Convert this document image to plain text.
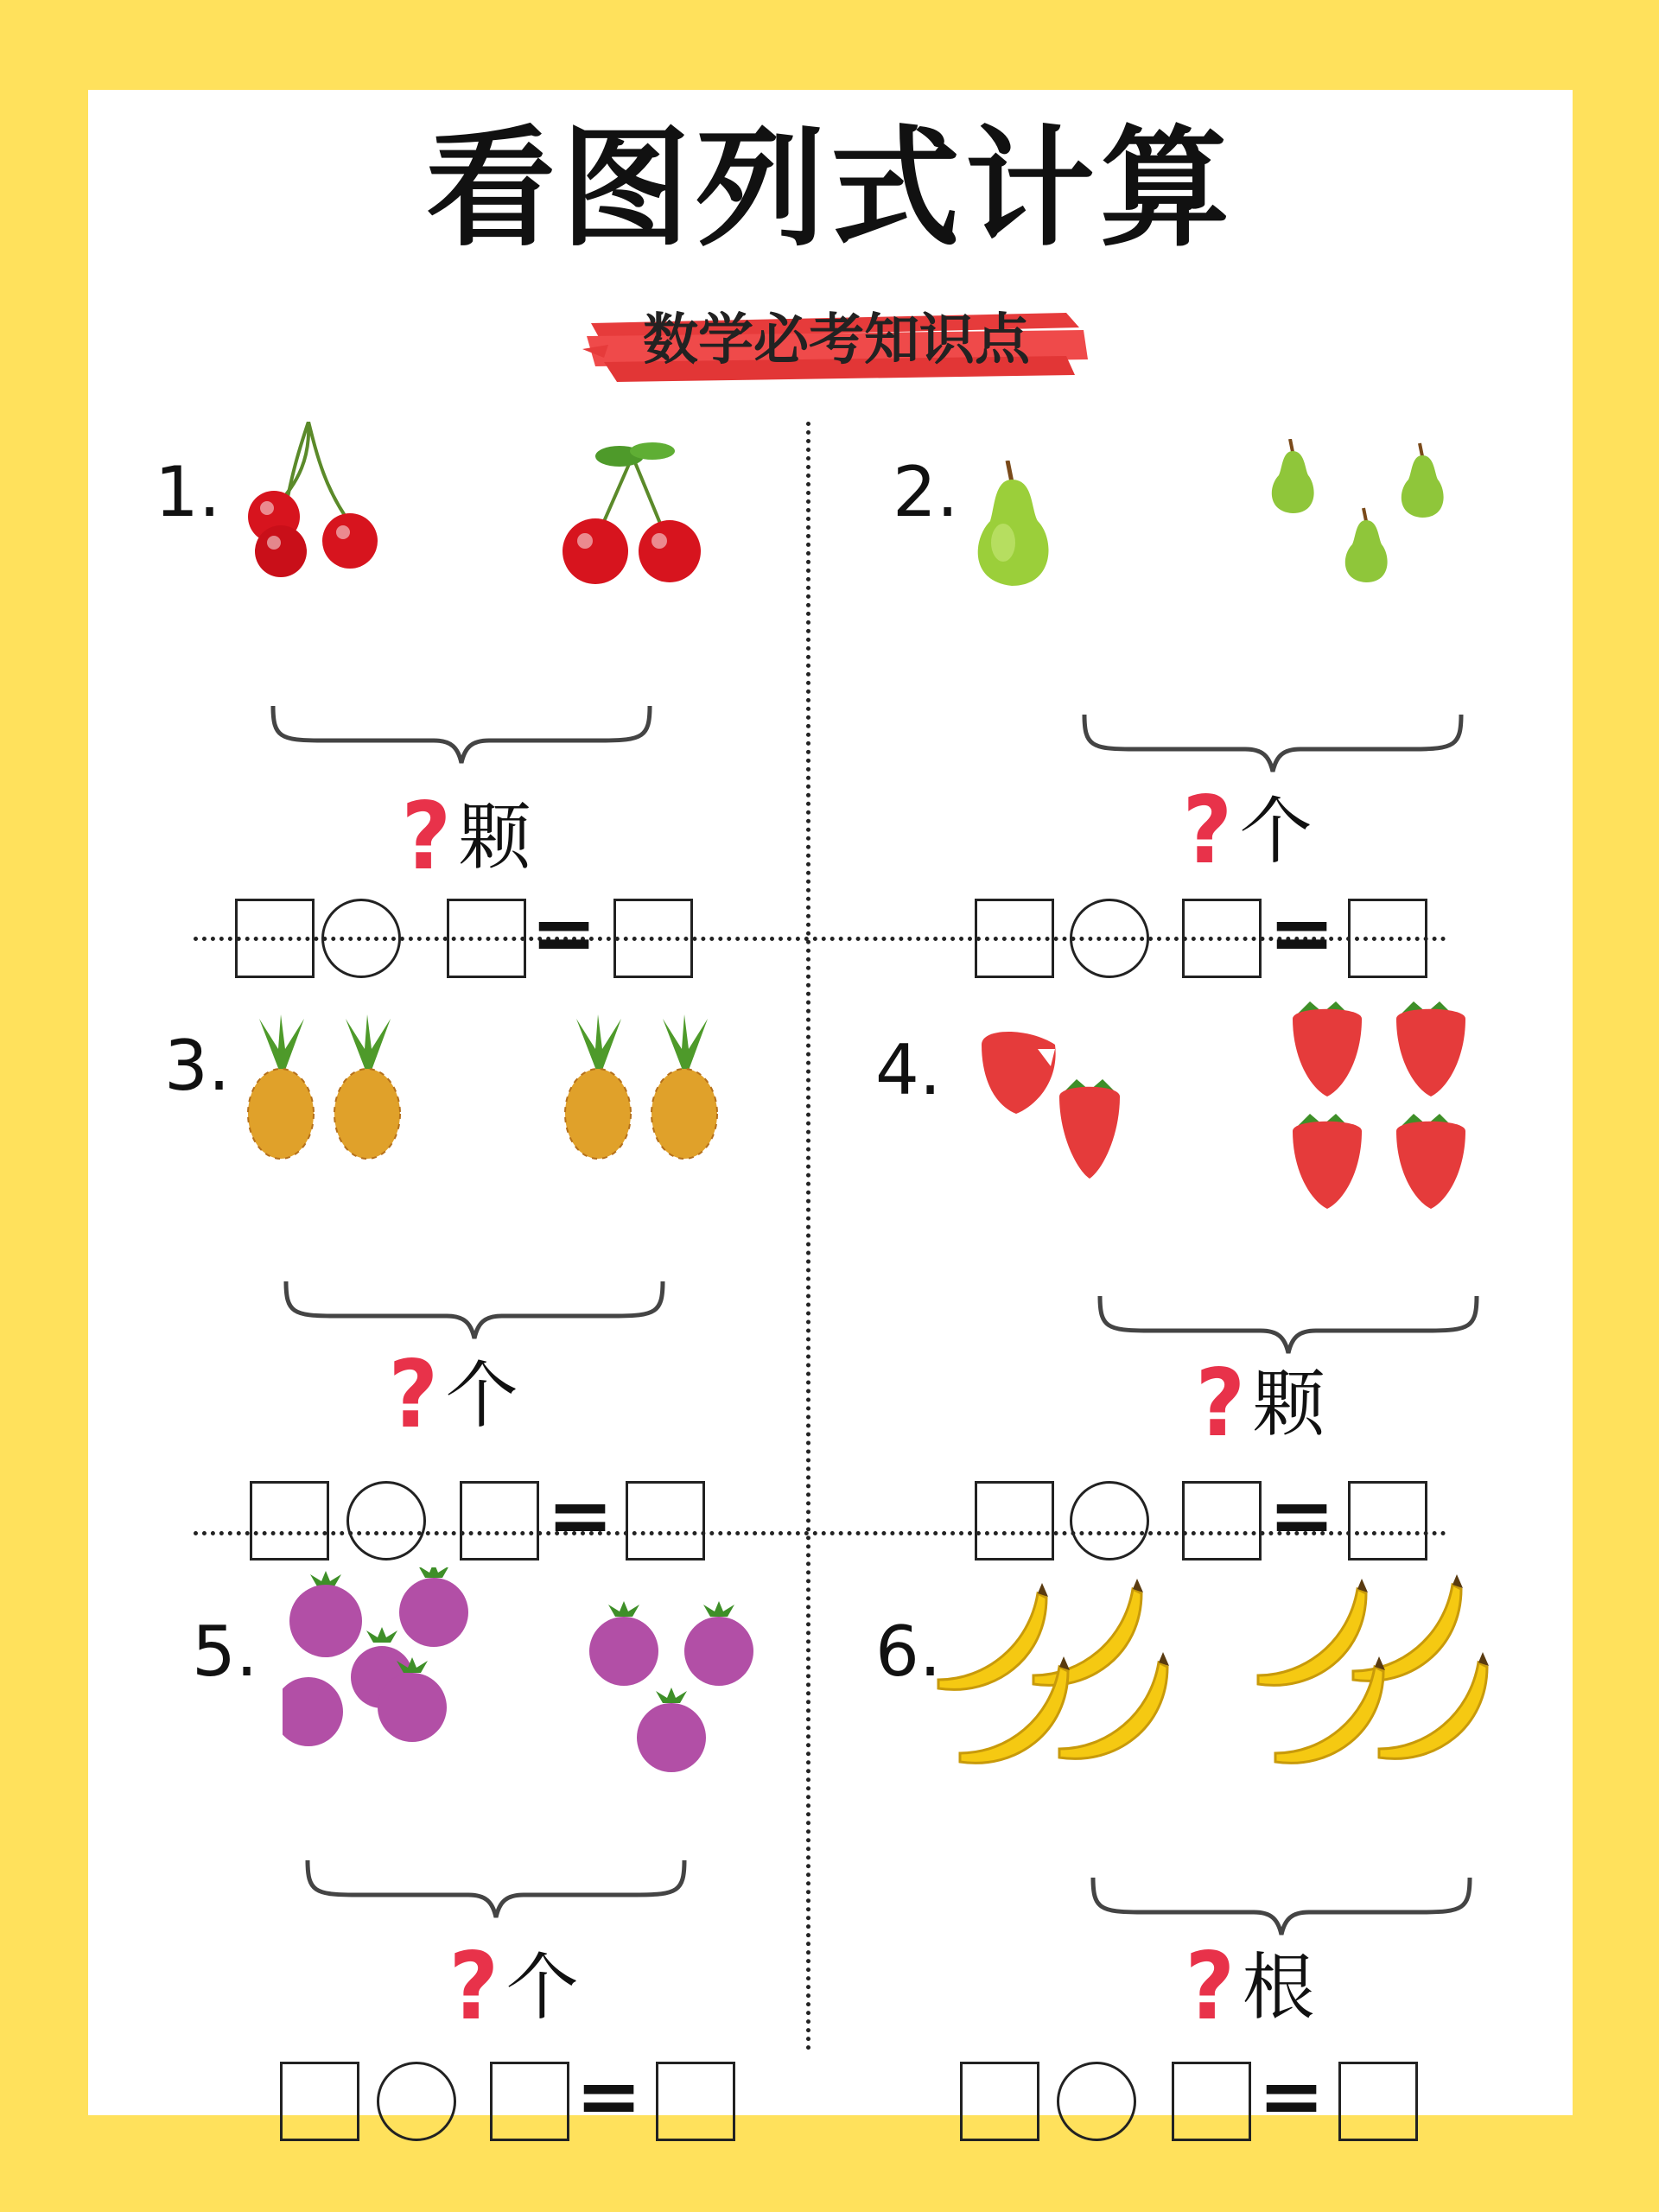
看图列式计算
数学必考知识点
1.
? 颗
=
2.
? 个
=
3.
? 个
=
4.
? 颗
=
5.
@酱妈早教
? 个
=
6.
? 根
=
